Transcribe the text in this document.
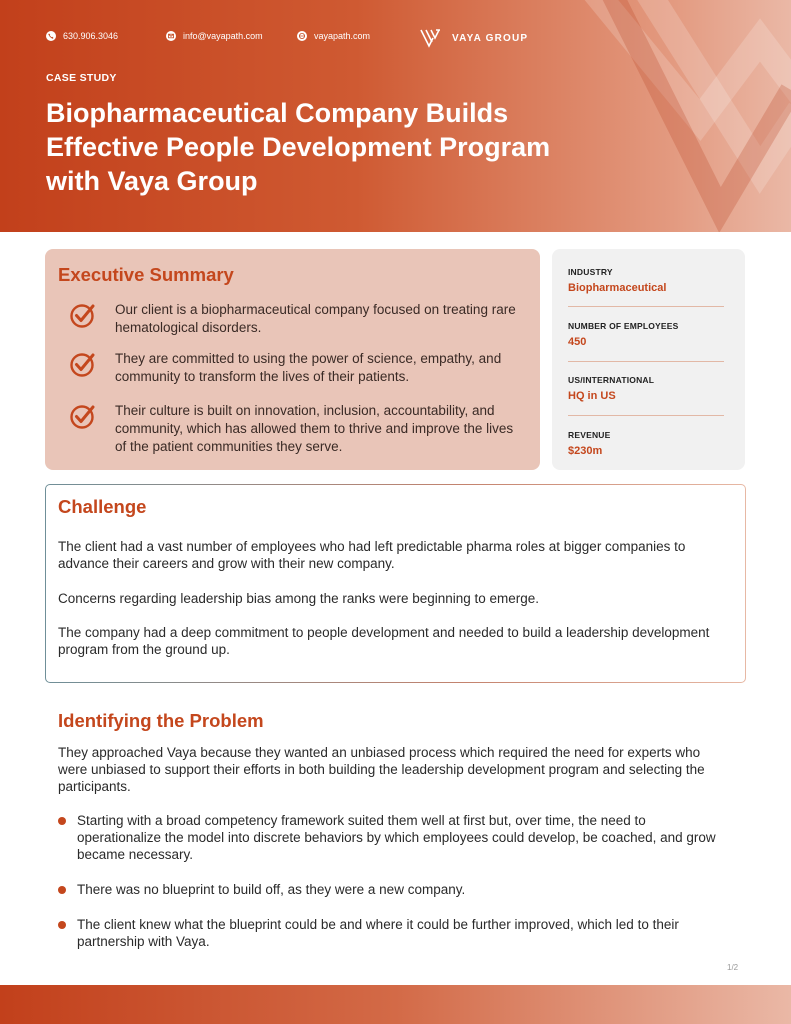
630.906.3046	info@vayapath.com	vayapath.com	VAYA GROUP
CASE STUDY
Biopharmaceutical Company Builds Effective People Development Program with Vaya Group
Executive Summary
Our client is a biopharmaceutical company focused on treating rare hematological disorders.
They are committed to using the power of science, empathy, and community to transform the lives of their patients.
Their culture is built on innovation, inclusion, accountability, and community, which has allowed them to thrive and improve the lives of the patient communities they serve.
INDUSTRY
Biopharmaceutical
NUMBER OF EMPLOYEES
450
US/INTERNATIONAL
HQ in US
REVENUE
$230m
Challenge

The client had a vast number of employees who had left predictable pharma roles at bigger companies to advance their careers and grow with their new company.

Concerns regarding leadership bias among the ranks were beginning to emerge.

The company had a deep commitment to people development and needed to build a leadership development program from the ground up.

Identifying the Problem

They approached Vaya because they wanted an unbiased process which required the need for experts who were unbiased to support their efforts in both building the leadership development program and selecting the participants.

Starting with a broad competency framework suited them well at first but, over time, the need to operationalize the model into discrete behaviors by which employees could develop, be coached, and grow became necessary.
There was no blueprint to build off, as they were a new company.
The client knew what the blueprint could be and where it could be further improved, which led to their partnership with Vaya.
1/2
